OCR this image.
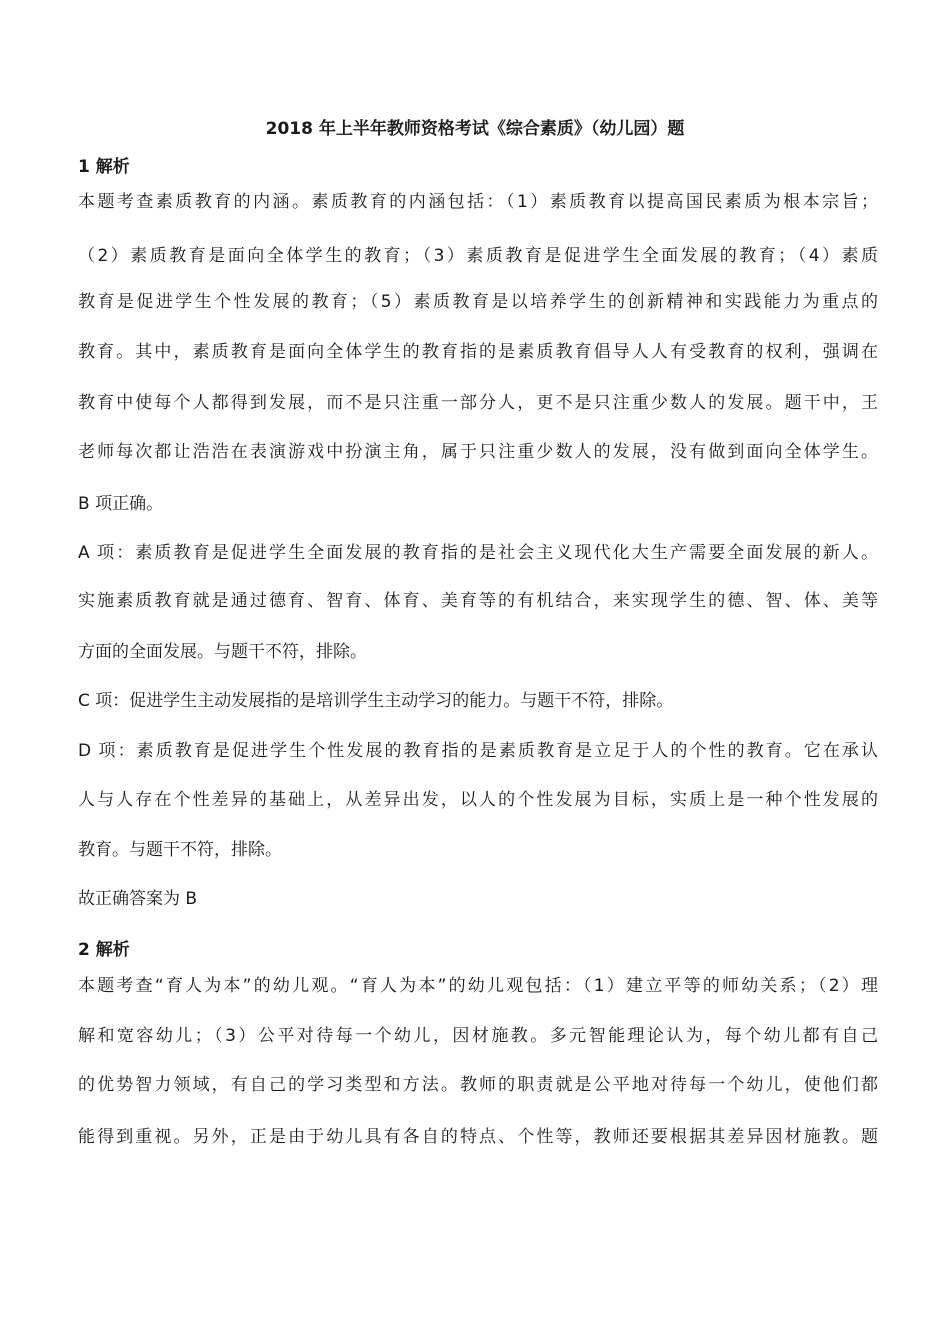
2018 年上半年教师资格考试《综合素质》（幼儿园）题
1 解析
本题考查素质教育的内涵。素质教育的内涵包括：（1）素质教育以提高国民素质为根本宗旨；
（2）素质教育是面向全体学生的教育；（3）素质教育是促进学生全面发展的教育；（4）素质
教育是促进学生个性发展的教育；（5）素质教育是以培养学生的创新精神和实践能力为重点的
教育。其中，素质教育是面向全体学生的教育指的是素质教育倡导人人有受教育的权利，强调在
教育中使每个人都得到发展，而不是只注重一部分人，更不是只注重少数人的发展。题干中，王
老师每次都让浩浩在表演游戏中扮演主角，属于只注重少数人的发展，没有做到面向全体学生。
B 项正确。
A 项：素质教育是促进学生全面发展的教育指的是社会主义现代化大生产需要全面发展的新人。
实施素质教育就是通过德育、智育、体育、美育等的有机结合，来实现学生的德、智、体、美等
方面的全面发展。与题干不符，排除。
C 项：促进学生主动发展指的是培训学生主动学习的能力。与题干不符，排除。
D 项：素质教育是促进学生个性发展的教育指的是素质教育是立足于人的个性的教育。它在承认
人与人存在个性差异的基础上，从差异出发，以人的个性发展为目标，实质上是一种个性发展的
教育。与题干不符，排除。
故正确答案为 B
2 解析
本题考查“育人为本”的幼儿观。“育人为本”的幼儿观包括：（1）建立平等的师幼关系；（2）理
解和宽容幼儿；（3）公平对待每一个幼儿，因材施教。多元智能理论认为，每个幼儿都有自己
的优势智力领域，有自己的学习类型和方法。教师的职责就是公平地对待每一个幼儿，使他们都
能得到重视。另外，正是由于幼儿具有各自的特点、个性等，教师还要根据其差异因材施教。题
